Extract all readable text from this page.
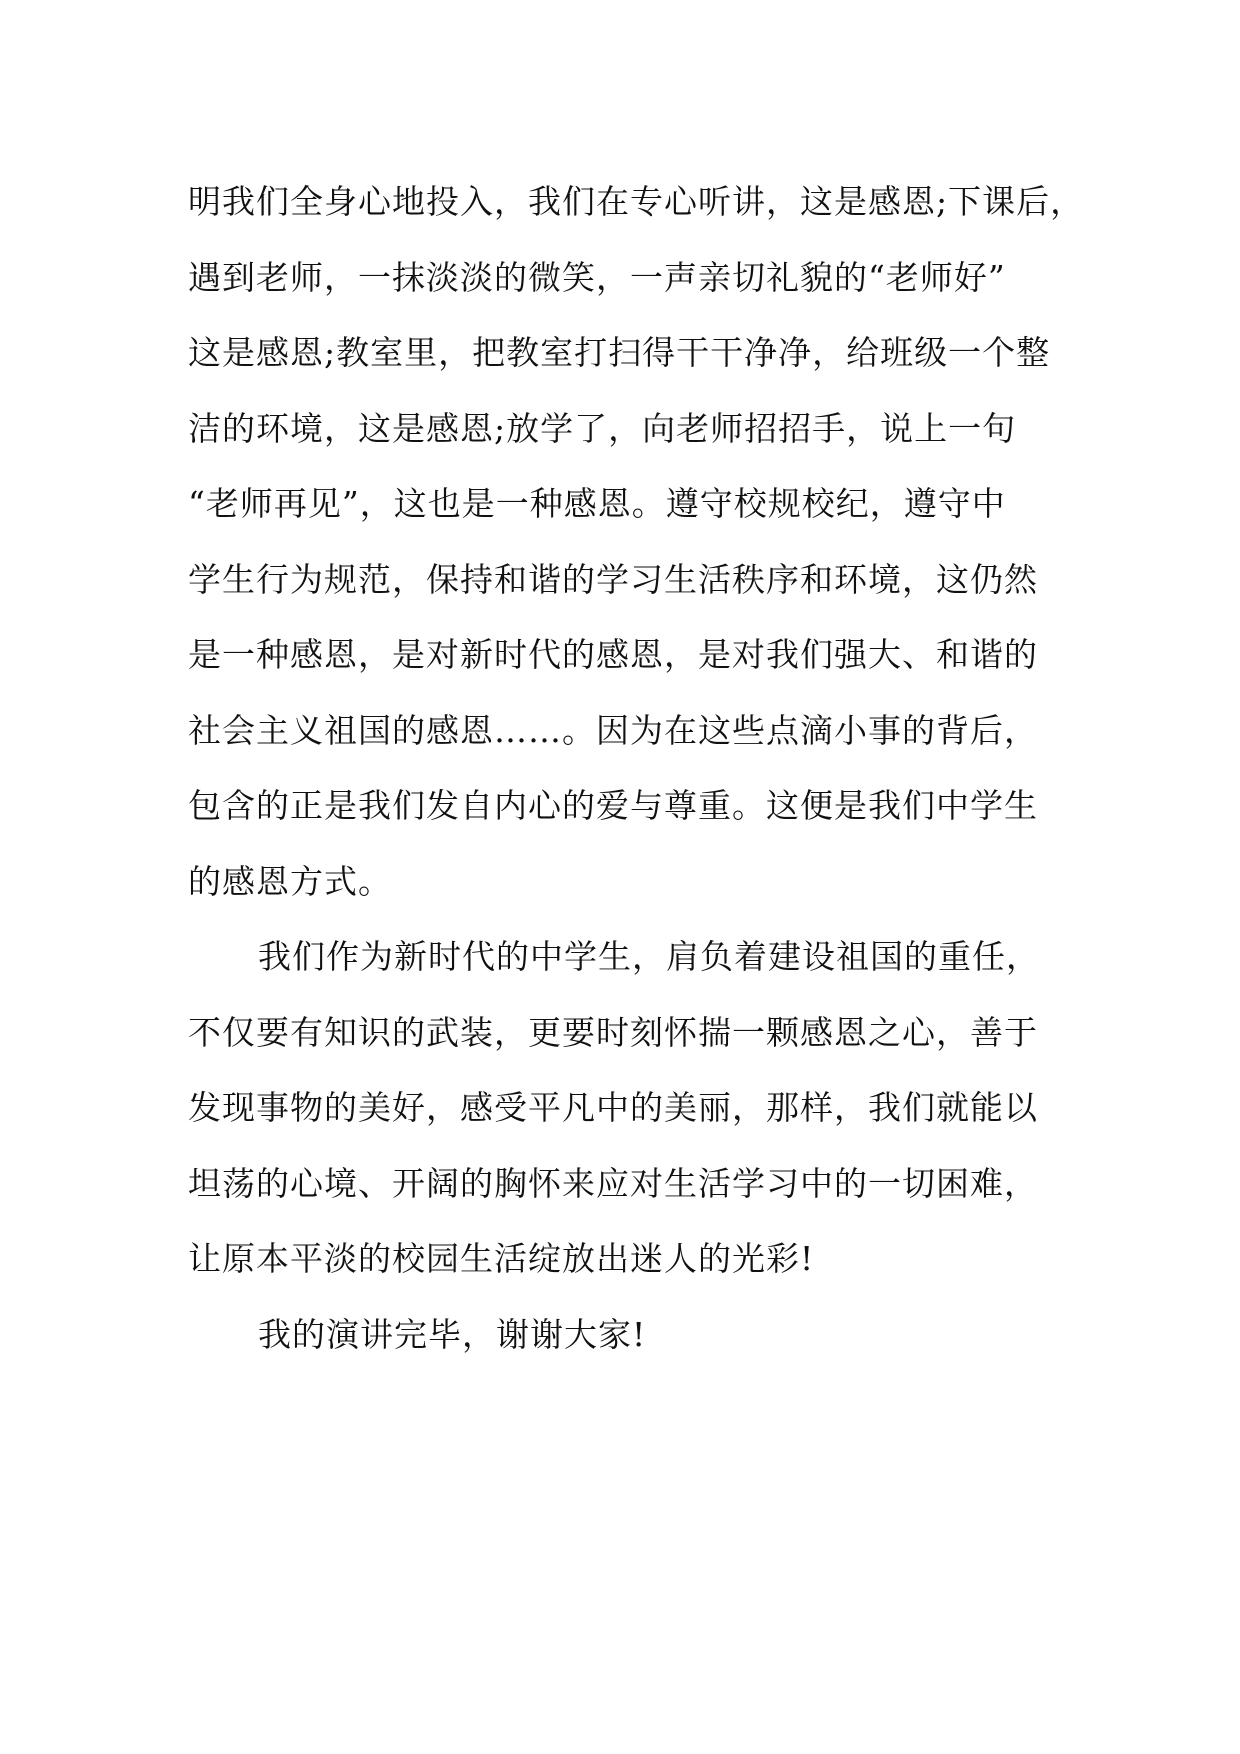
明我们全身心地投入，我们在专心听讲，这是感恩;下课后，
遇到老师，一抹淡淡的微笑，一声亲切礼貌的“老师好”
这是感恩;教室里，把教室打扫得干干净净，给班级一个整
洁的环境，这是感恩;放学了，向老师招招手，说上一句
“老师再见”，这也是一种感恩。遵守校规校纪，遵守中
学生行为规范，保持和谐的学习生活秩序和环境，这仍然
是一种感恩，是对新时代的感恩，是对我们强大、和谐的
社会主义祖国的感恩……。因为在这些点滴小事的背后，
包含的正是我们发自内心的爱与尊重。这便是我们中学生
的感恩方式。
我们作为新时代的中学生，肩负着建设祖国的重任，
不仅要有知识的武装，更要时刻怀揣一颗感恩之心，善于
发现事物的美好，感受平凡中的美丽，那样，我们就能以
坦荡的心境、开阔的胸怀来应对生活学习中的一切困难，
让原本平淡的校园生活绽放出迷人的光彩!
我的演讲完毕，谢谢大家!
